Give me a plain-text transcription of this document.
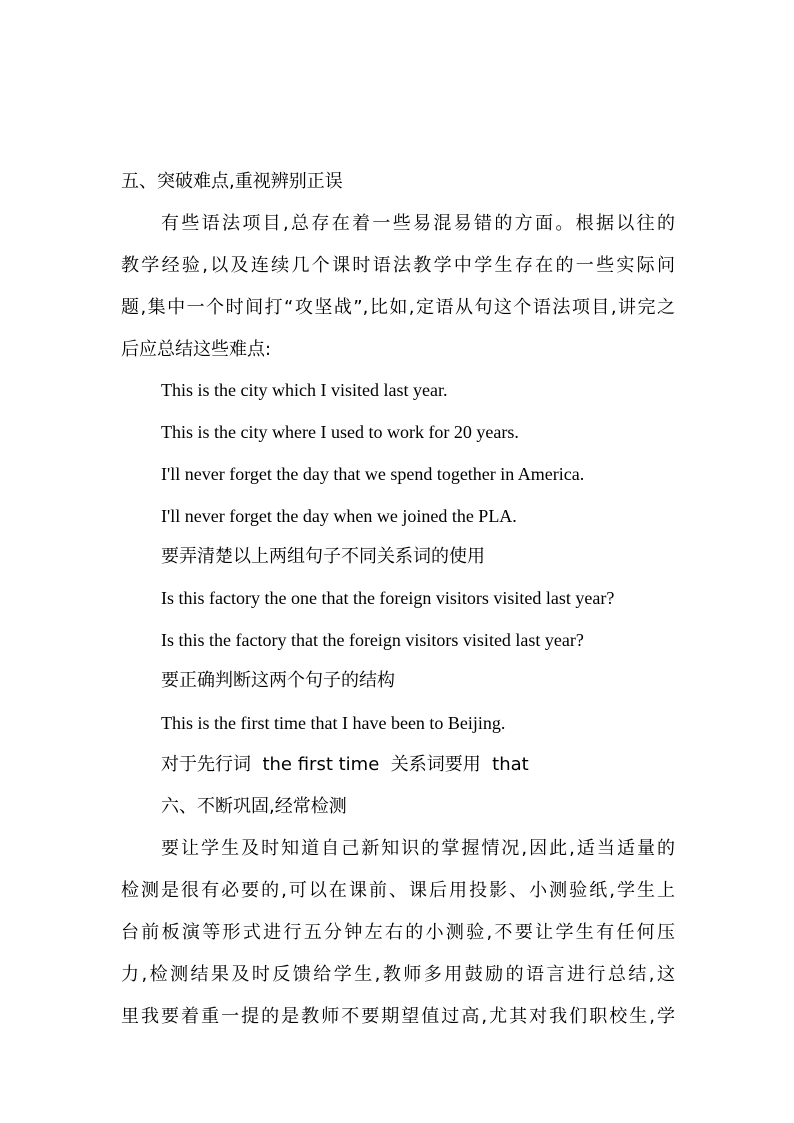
五、突破难点,重视辨别正误
有些语法项目,总存在着一些易混易错的方面。根据以往的
教学经验,以及连续几个课时语法教学中学生存在的一些实际问
题,集中一个时间打“攻坚战”,比如,定语从句这个语法项目,讲完之
后应总结这些难点:
This is the city which I visited last year.
This is the city where I used to work for 20 years.
I'll never forget the day that we spend together in America.
I'll never forget the day when we joined the PLA.
要弄清楚以上两组句子不同关系词的使用
Is this factory the one that the foreign visitors visited last year?
Is this the factory that the foreign visitors visited last year?
要正确判断这两个句子的结构
This is the first time that I have been to Beijing.
对于先行词  the first time  关系词要用  that
六、不断巩固,经常检测
要让学生及时知道自己新知识的掌握情况,因此,适当适量的
检测是很有必要的,可以在课前、课后用投影、小测验纸,学生上
台前板演等形式进行五分钟左右的小测验,不要让学生有任何压
力,检测结果及时反馈给学生,教师多用鼓励的语言进行总结,这
里我要着重一提的是教师不要期望值过高,尤其对我们职校生,学
